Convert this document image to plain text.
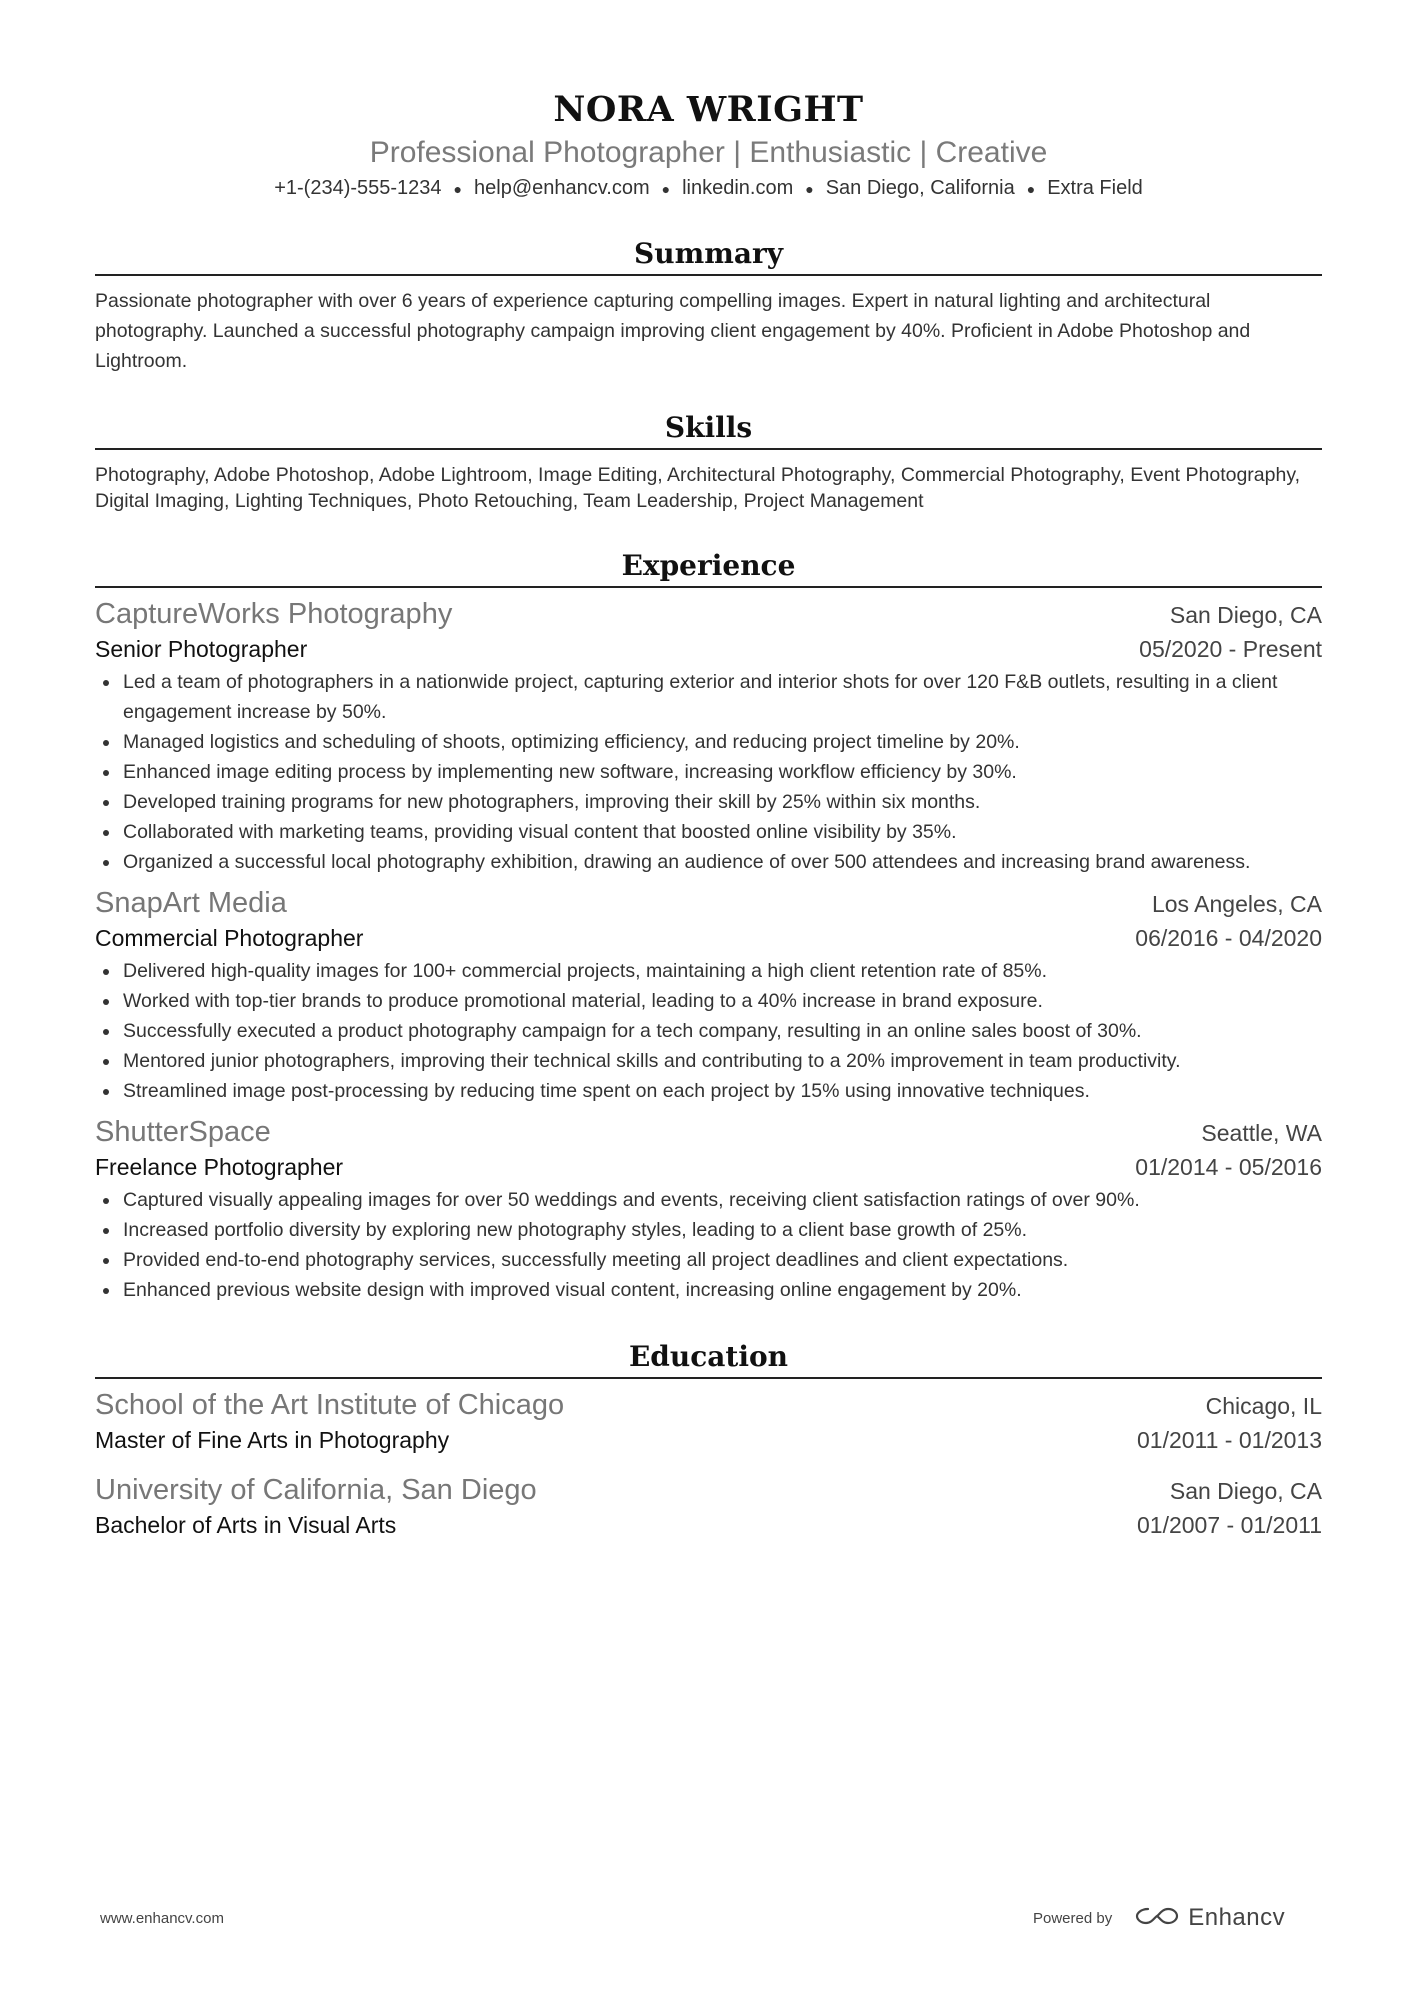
NORA WRIGHT
Professional Photographer | Enthusiastic | Creative
+1-(234)-555-1234 ● help@enhancv.com ● linkedin.com ● San Diego, California ● Extra Field
Summary
Passionate photographer with over 6 years of experience capturing compelling images. Expert in natural lighting and architectural photography. Launched a successful photography campaign improving client engagement by 40%. Proficient in Adobe Photoshop and Lightroom.
Skills
Photography, Adobe Photoshop, Adobe Lightroom, Image Editing, Architectural Photography, Commercial Photography, Event Photography, Digital Imaging, Lighting Techniques, Photo Retouching, Team Leadership, Project Management
Experience
CaptureWorks Photography	San Diego, CA
Senior Photographer	05/2020 - Present
Led a team of photographers in a nationwide project, capturing exterior and interior shots for over 120 F&B outlets, resulting in a client engagement increase by 50%.
Managed logistics and scheduling of shoots, optimizing efficiency, and reducing project timeline by 20%.
Enhanced image editing process by implementing new software, increasing workflow efficiency by 30%.
Developed training programs for new photographers, improving their skill by 25% within six months.
Collaborated with marketing teams, providing visual content that boosted online visibility by 35%.
Organized a successful local photography exhibition, drawing an audience of over 500 attendees and increasing brand awareness.
SnapArt Media	Los Angeles, CA
Commercial Photographer	06/2016 - 04/2020
Delivered high-quality images for 100+ commercial projects, maintaining a high client retention rate of 85%.
Worked with top-tier brands to produce promotional material, leading to a 40% increase in brand exposure.
Successfully executed a product photography campaign for a tech company, resulting in an online sales boost of 30%.
Mentored junior photographers, improving their technical skills and contributing to a 20% improvement in team productivity.
Streamlined image post-processing by reducing time spent on each project by 15% using innovative techniques.
ShutterSpace	Seattle, WA
Freelance Photographer	01/2014 - 05/2016
Captured visually appealing images for over 50 weddings and events, receiving client satisfaction ratings of over 90%.
Increased portfolio diversity by exploring new photography styles, leading to a client base growth of 25%.
Provided end-to-end photography services, successfully meeting all project deadlines and client expectations.
Enhanced previous website design with improved visual content, increasing online engagement by 20%.
Education
School of the Art Institute of Chicago	Chicago, IL
Master of Fine Arts in Photography	01/2011 - 01/2013
University of California, San Diego	San Diego, CA
Bachelor of Arts in Visual Arts	01/2007 - 01/2011
www.enhancv.com	Powered by	Enhancv
